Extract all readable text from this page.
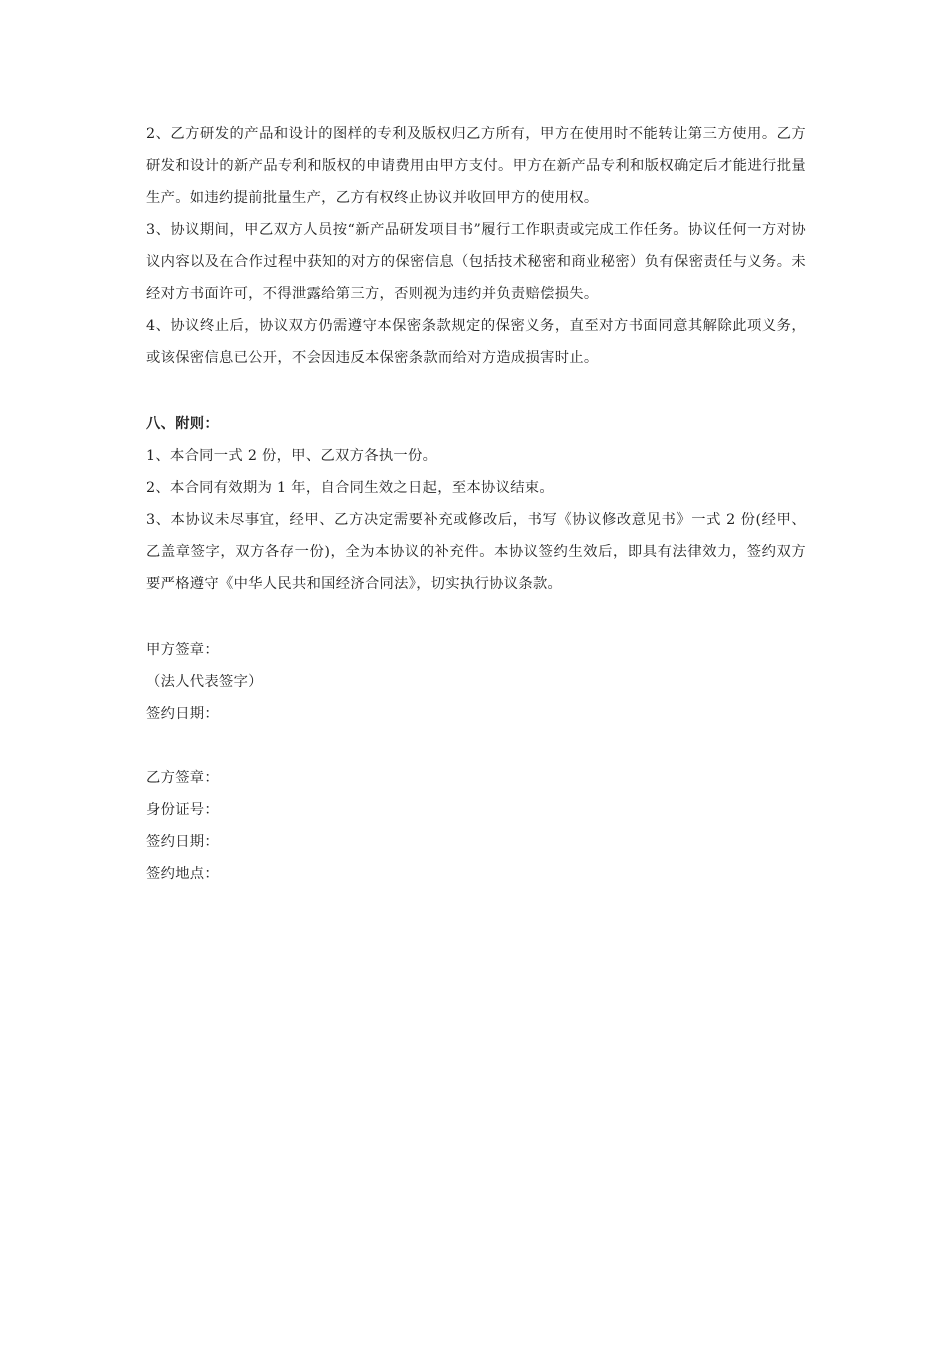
2、乙方研发的产品和设计的图样的专利及版权归乙方所有，甲方在使用时不能转让第三方使用。乙方研发和设计的新产品专利和版权的申请费用由甲方支付。甲方在新产品专利和版权确定后才能进行批量生产。如违约提前批量生产，乙方有权终止协议并收回甲方的使用权。

3、协议期间，甲乙双方人员按“新产品研发项目书”履行工作职责或完成工作任务。协议任何一方对协议内容以及在合作过程中获知的对方的保密信息（包括技术秘密和商业秘密）负有保密责任与义务。未经对方书面许可，不得泄露给第三方，否则视为违约并负责赔偿损失。

4、协议终止后，协议双方仍需遵守本保密条款规定的保密义务，直至对方书面同意其解除此项义务，或该保密信息已公开，不会因违反本保密条款而给对方造成损害时止。

八、附则：

1、本合同一式 2 份，甲、乙双方各执一份。

2、本合同有效期为 1 年，自合同生效之日起，至本协议结束。

3、本协议未尽事宜，经甲、乙方决定需要补充或修改后，书写《协议修改意见书》一式 2 份(经甲、乙盖章签字，双方各存一份)，全为本协议的补充件。本协议签约生效后，即具有法律效力，签约双方要严格遵守《中华人民共和国经济合同法》，切实执行协议条款。

甲方签章：

（法人代表签字）

签约日期：

乙方签章：

身份证号：

签约日期：

签约地点：
